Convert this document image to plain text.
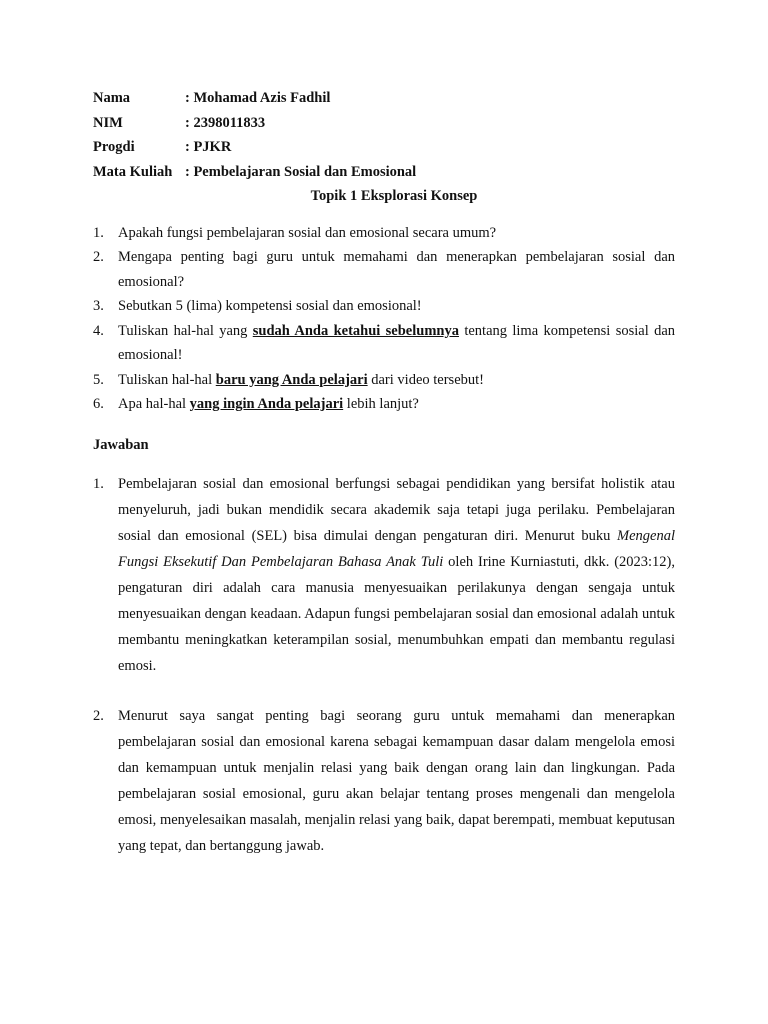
Nama	: Mohamad Azis Fadhil
NIM	: 2398011833
Progdi	: PJKR
Mata Kuliah : Pembelajaran Sosial dan Emosional
Topik 1 Eksplorasi Konsep
1. Apakah fungsi pembelajaran sosial dan emosional secara umum?
2. Mengapa penting bagi guru untuk memahami dan menerapkan pembelajaran sosial dan emosional?
3. Sebutkan 5 (lima) kompetensi sosial dan emosional!
4. Tuliskan hal-hal yang sudah Anda ketahui sebelumnya tentang lima kompetensi sosial dan emosional!
5. Tuliskan hal-hal baru yang Anda pelajari dari video tersebut!
6. Apa hal-hal yang ingin Anda pelajari lebih lanjut?
Jawaban
1. Pembelajaran sosial dan emosional berfungsi sebagai pendidikan yang bersifat holistik atau menyeluruh, jadi bukan mendidik secara akademik saja tetapi juga perilaku. Pembelajaran sosial dan emosional (SEL) bisa dimulai dengan pengaturan diri. Menurut buku Mengenal Fungsi Eksekutif Dan Pembelajaran Bahasa Anak Tuli oleh Irine Kurniastuti, dkk. (2023:12), pengaturan diri adalah cara manusia menyesuaikan perilakunya dengan sengaja untuk menyesuaikan dengan keadaan. Adapun fungsi pembelajaran sosial dan emosional adalah untuk membantu meningkatkan keterampilan sosial, menumbuhkan empati dan membantu regulasi emosi.
2. Menurut saya sangat penting bagi seorang guru untuk memahami dan menerapkan pembelajaran sosial dan emosional karena sebagai kemampuan dasar dalam mengelola emosi dan kemampuan untuk menjalin relasi yang baik dengan orang lain dan lingkungan. Pada pembelajaran sosial emosional, guru akan belajar tentang proses mengenali dan mengelola emosi, menyelesaikan masalah, menjalin relasi yang baik, dapat berempati, membuat keputusan yang tepat, dan bertanggung jawab.
